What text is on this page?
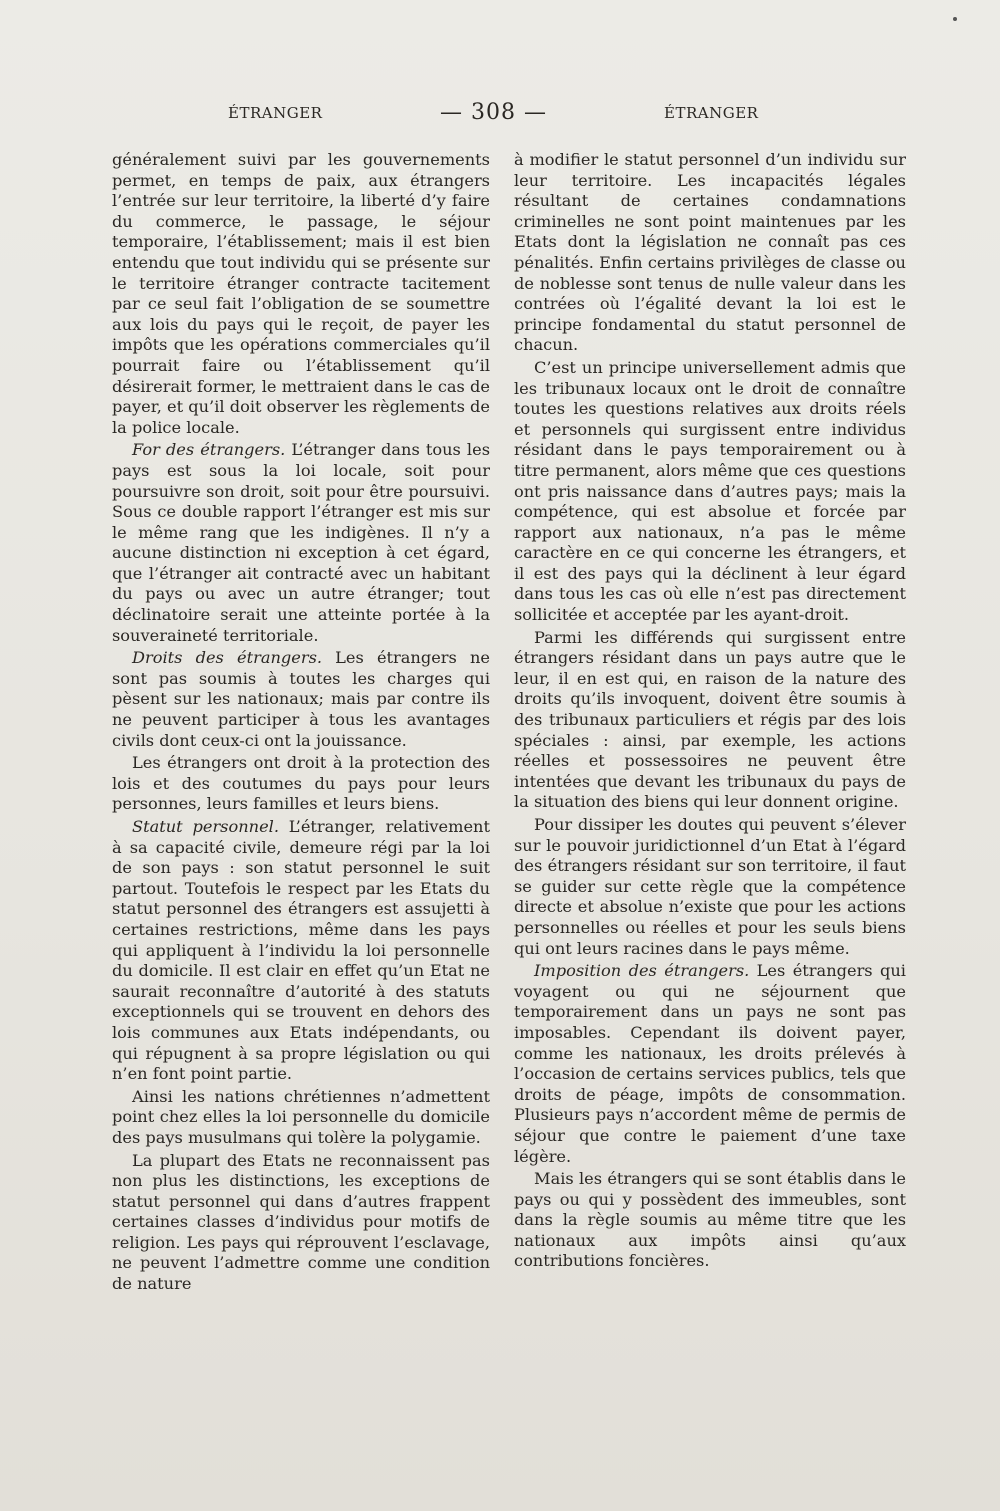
ÉTRANGER	— 308 —	ÉTRANGER

généralement suivi par les gouvernements permet, en temps de paix, aux étrangers l’entrée sur leur territoire, la liberté d’y faire du commerce, le passage, le séjour temporaire, l’établissement; mais il est bien entendu que tout individu qui se présente sur le territoire étranger contracte tacitement par ce seul fait l’obligation de se soumettre aux lois du pays qui le reçoit, de payer les impôts que les opérations commerciales qu’il pourrait faire ou l’établissement qu’il désirerait former, le mettraient dans le cas de payer, et qu’il doit observer les règlements de la police locale.

For des étrangers. L’étranger dans tous les pays est sous la loi locale, soit pour poursuivre son droit, soit pour être poursuivi. Sous ce double rapport l’étranger est mis sur le même rang que les indigènes. Il n’y a aucune distinction ni exception à cet égard, que l’étranger ait contracté avec un habitant du pays ou avec un autre étranger; tout déclinatoire serait une atteinte portée à la souveraineté territoriale.

Droits des étrangers. Les étrangers ne sont pas soumis à toutes les charges qui pèsent sur les nationaux; mais par contre ils ne peuvent participer à tous les avantages civils dont ceux-ci ont la jouissance.

Les étrangers ont droit à la protection des lois et des coutumes du pays pour leurs personnes, leurs familles et leurs biens.

Statut personnel. L’étranger, relativement à sa capacité civile, demeure régi par la loi de son pays : son statut personnel le suit partout. Toutefois le respect par les Etats du statut personnel des étrangers est assujetti à certaines restrictions, même dans les pays qui appliquent à l’individu la loi personnelle du domicile. Il est clair en effet qu’un Etat ne saurait reconnaître d’autorité à des statuts exceptionnels qui se trouvent en dehors des lois communes aux Etats indépendants, ou qui répugnent à sa propre législation ou qui n’en font point partie.

Ainsi les nations chrétiennes n’admettent point chez elles la loi personnelle du domicile des pays musulmans qui tolère la polygamie.

La plupart des Etats ne reconnaissent pas non plus les distinctions, les exceptions de statut personnel qui dans d’autres frappent certaines classes d’individus pour motifs de religion. Les pays qui réprouvent l’esclavage, ne peuvent l’admettre comme une condition de nature

à modifier le statut personnel d’un individu sur leur territoire. Les incapacités légales résultant de certaines condamnations criminelles ne sont point maintenues par les Etats dont la législation ne connaît pas ces pénalités. Enfin certains privilèges de classe ou de noblesse sont tenus de nulle valeur dans les contrées où l’égalité devant la loi est le principe fondamental du statut personnel de chacun.

C’est un principe universellement admis que les tribunaux locaux ont le droit de connaître toutes les questions relatives aux droits réels et personnels qui surgissent entre individus résidant dans le pays temporairement ou à titre permanent, alors même que ces questions ont pris naissance dans d’autres pays; mais la compétence, qui est absolue et forcée par rapport aux nationaux, n’a pas le même caractère en ce qui concerne les étrangers, et il est des pays qui la déclinent à leur égard dans tous les cas où elle n’est pas directement sollicitée et acceptée par les ayant-droit.

Parmi les différends qui surgissent entre étrangers résidant dans un pays autre que le leur, il en est qui, en raison de la nature des droits qu’ils invoquent, doivent être soumis à des tribunaux particuliers et régis par des lois spéciales : ainsi, par exemple, les actions réelles et possessoires ne peuvent être intentées que devant les tribunaux du pays de la situation des biens qui leur donnent origine.

Pour dissiper les doutes qui peuvent s’élever sur le pouvoir juridictionnel d’un Etat à l’égard des étrangers résidant sur son territoire, il faut se guider sur cette règle que la compétence directe et absolue n’existe que pour les actions personnelles ou réelles et pour les seuls biens qui ont leurs racines dans le pays même.

Imposition des étrangers. Les étrangers qui voyagent ou qui ne séjournent que temporairement dans un pays ne sont pas imposables. Cependant ils doivent payer, comme les nationaux, les droits prélevés à l’occasion de certains services publics, tels que droits de péage, impôts de consommation. Plusieurs pays n’accordent même de permis de séjour que contre le paiement d’une taxe légère.

Mais les étrangers qui se sont établis dans le pays ou qui y possèdent des immeubles, sont dans la règle soumis au même titre que les nationaux aux impôts ainsi qu’aux contributions foncières.
